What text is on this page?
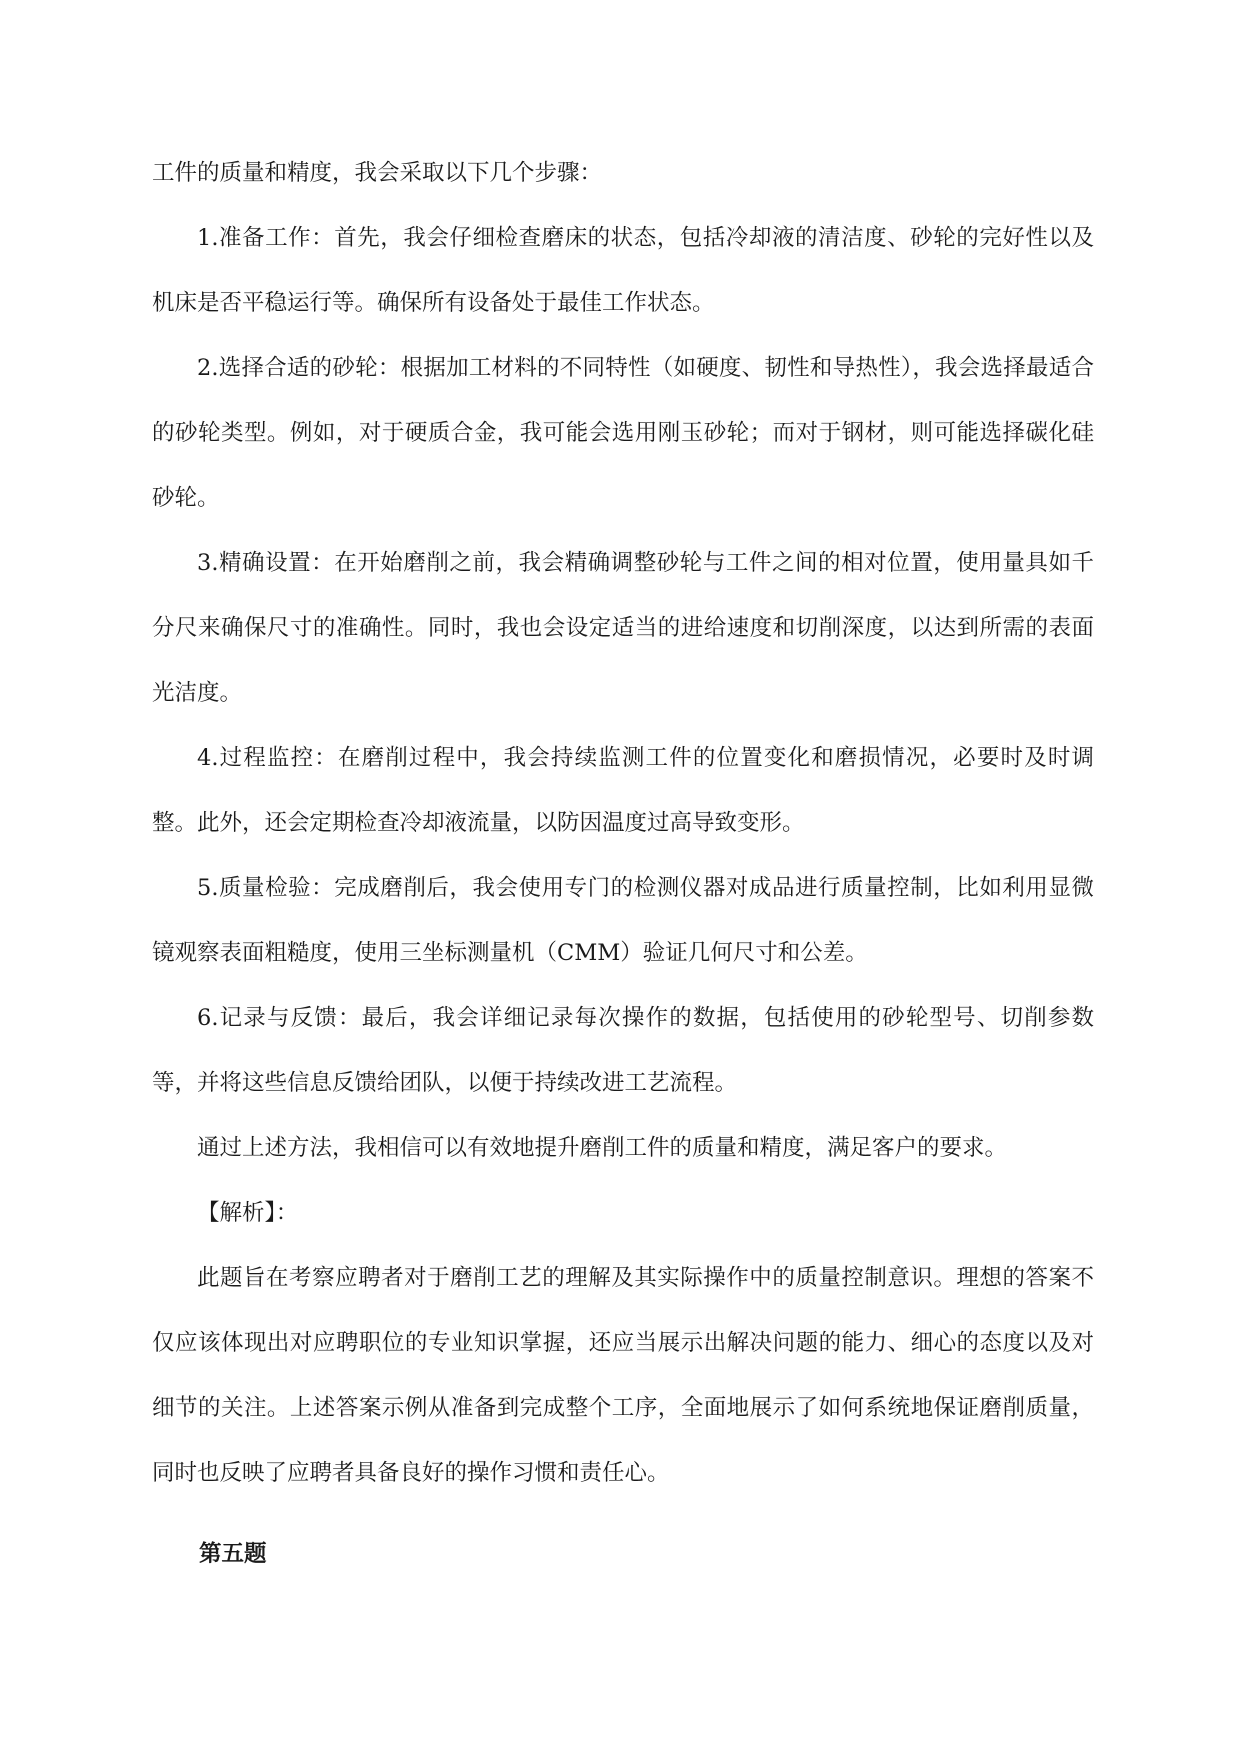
工件的质量和精度，我会采取以下几个步骤：

1.准备工作：首先，我会仔细检查磨床的状态，包括冷却液的清洁度、砂轮的完好性以及机床是否平稳运行等。确保所有设备处于最佳工作状态。

2.选择合适的砂轮：根据加工材料的不同特性（如硬度、韧性和导热性），我会选择最适合的砂轮类型。例如，对于硬质合金，我可能会选用刚玉砂轮；而对于钢材，则可能选择碳化硅砂轮。

3.精确设置：在开始磨削之前，我会精确调整砂轮与工件之间的相对位置，使用量具如千分尺来确保尺寸的准确性。同时，我也会设定适当的进给速度和切削深度，以达到所需的表面光洁度。

4.过程监控：在磨削过程中，我会持续监测工件的位置变化和磨损情况，必要时及时调整。此外，还会定期检查冷却液流量，以防因温度过高导致变形。

5.质量检验：完成磨削后，我会使用专门的检测仪器对成品进行质量控制，比如利用显微镜观察表面粗糙度，使用三坐标测量机（CMM）验证几何尺寸和公差。

6.记录与反馈：最后，我会详细记录每次操作的数据，包括使用的砂轮型号、切削参数等，并将这些信息反馈给团队，以便于持续改进工艺流程。

通过上述方法，我相信可以有效地提升磨削工件的质量和精度，满足客户的要求。

【解析】：

此题旨在考察应聘者对于磨削工艺的理解及其实际操作中的质量控制意识。理想的答案不仅应该体现出对应聘职位的专业知识掌握，还应当展示出解决问题的能力、细心的态度以及对细节的关注。上述答案示例从准备到完成整个工序，全面地展示了如何系统地保证磨削质量，同时也反映了应聘者具备良好的操作习惯和责任心。

第五题
